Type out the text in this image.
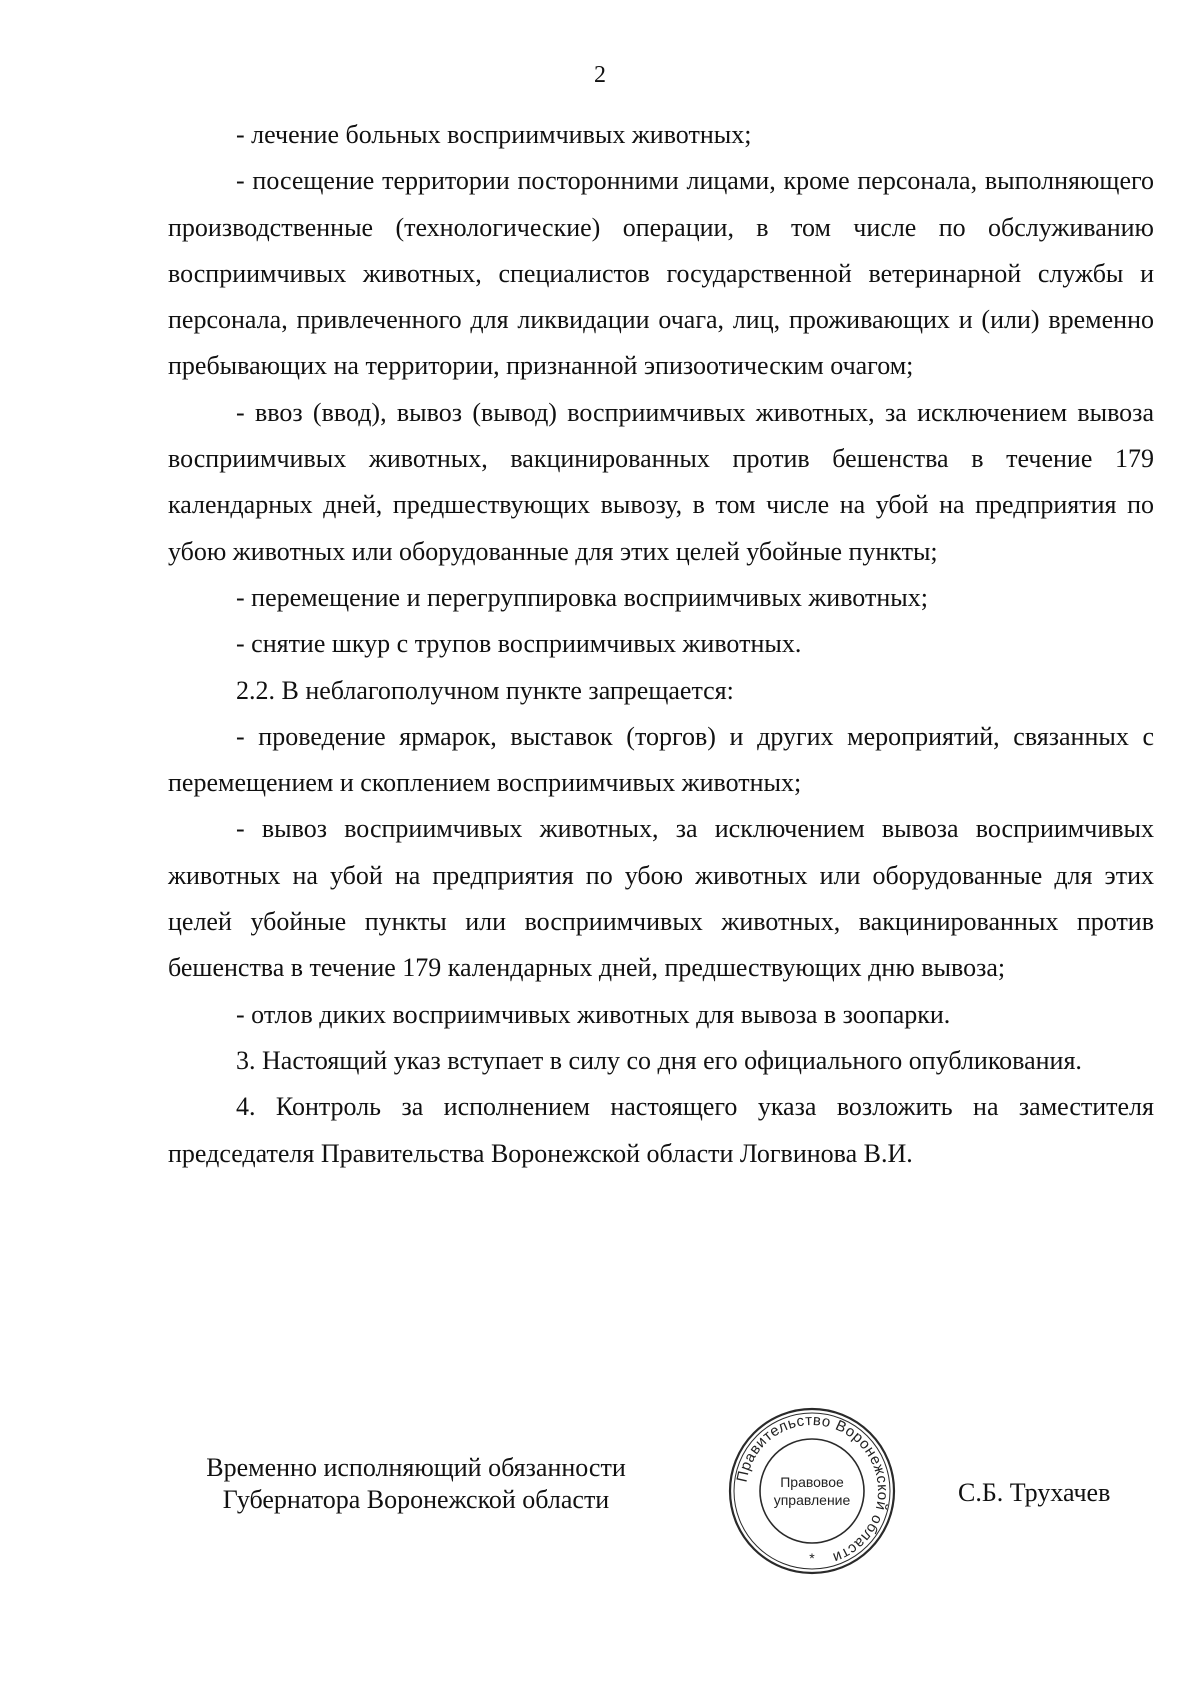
2

- лечение больных восприимчивых животных;

- посещение территории посторонними лицами, кроме персонала, выполняющего производственные (технологические) операции, в том числе по обслуживанию восприимчивых животных, специалистов государственной ветеринарной службы и персонала, привлеченного для ликвидации очага, лиц, проживающих и (или) временно пребывающих на территории, признанной эпизоотическим очагом;

- ввоз (ввод), вывоз (вывод) восприимчивых животных, за исключением вывоза восприимчивых животных, вакцинированных против бешенства в течение 179 календарных дней, предшествующих вывозу, в том числе на убой на предприятия по убою животных или оборудованные для этих целей убойные пункты;

- перемещение и перегруппировка восприимчивых животных;

- снятие шкур с трупов восприимчивых животных.

2.2. В неблагополучном пункте запрещается:

- проведение ярмарок, выставок (торгов) и других мероприятий, связанных с перемещением и скоплением восприимчивых животных;

- вывоз восприимчивых животных, за исключением вывоза восприимчивых животных на убой на предприятия по убою животных или оборудованные для этих целей убойные пункты или восприимчивых животных, вакцинированных против бешенства в течение 179 календарных дней, предшествующих дню вывоза;

- отлов диких восприимчивых животных для вывоза в зоопарки.

3. Настоящий указ вступает в силу со дня его официального опубликования.

4. Контроль за исполнением настоящего указа возложить на заместителя председателя Правительства Воронежской области Логвинова В.И.

Временно исполняющий обязанности
Губернатора Воронежской области
Правительство Воронежской области
Правовое
управление
*
С.Б. Трухачев
